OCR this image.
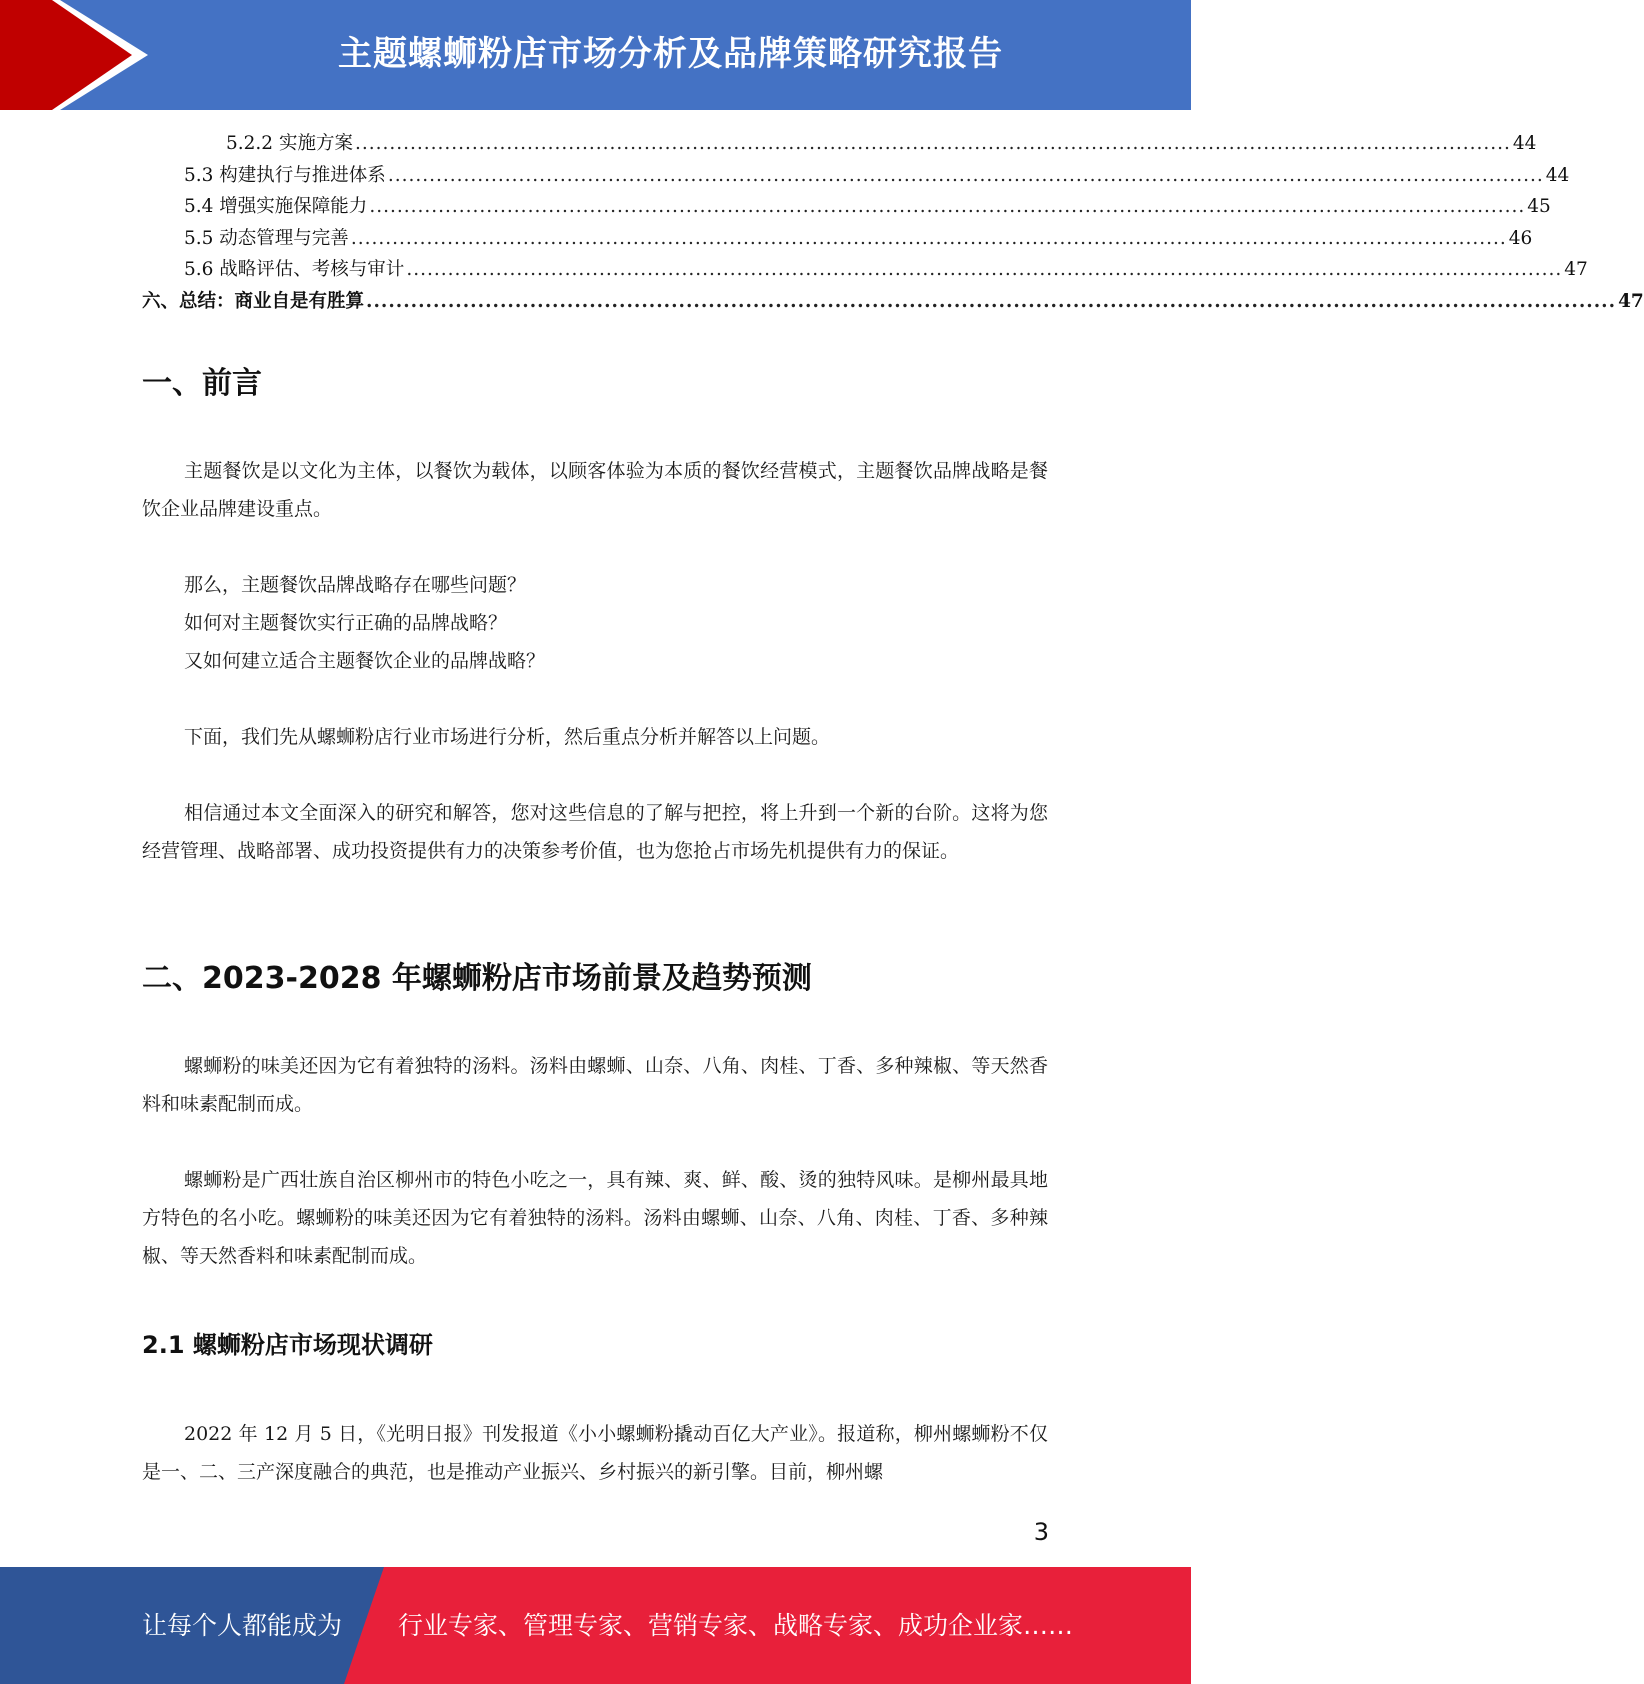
主题螺蛳粉店市场分析及品牌策略研究报告
5.2.2 实施方案 ........................................................................................................................................................................ 44
5.3 构建执行与推进体系 ........................................................................................................................................................................ 44
5.4 增强实施保障能力 ........................................................................................................................................................................ 45
5.5 动态管理与完善 ........................................................................................................................................................................ 46
5.6 战略评估、考核与审计 ........................................................................................................................................................................ 47
六、总结：商业自是有胜算 ........................................................................................................................................................................ 47
一、前言

主题餐饮是以文化为主体，以餐饮为载体，以顾客体验为本质的餐饮经营模式，主题餐饮品牌战略是餐饮企业品牌建设重点。

那么，主题餐饮品牌战略存在哪些问题？
如何对主题餐饮实行正确的品牌战略？
又如何建立适合主题餐饮企业的品牌战略？

下面，我们先从螺蛳粉店行业市场进行分析，然后重点分析并解答以上问题。

相信通过本文全面深入的研究和解答，您对这些信息的了解与把控，将上升到一个新的台阶。这将为您经营管理、战略部署、成功投资提供有力的决策参考价值，也为您抢占市场先机提供有力的保证。

二、2023-2028 年螺蛳粉店市场前景及趋势预测

螺蛳粉的味美还因为它有着独特的汤料。汤料由螺蛳、山奈、八角、肉桂、丁香、多种辣椒、等天然香料和味素配制而成。

螺蛳粉是广西壮族自治区柳州市的特色小吃之一，具有辣、爽、鲜、酸、烫的独特风味。是柳州最具地方特色的名小吃。螺蛳粉的味美还因为它有着独特的汤料。汤料由螺蛳、山奈、八角、肉桂、丁香、多种辣椒、等天然香料和味素配制而成。

2.1 螺蛳粉店市场现状调研

2022 年 12 月 5 日，《光明日报》刊发报道《小小螺蛳粉撬动百亿大产业》。报道称，柳州螺蛳粉不仅是一、二、三产深度融合的典范，也是推动产业振兴、乡村振兴的新引擎。目前，柳州螺

3
让每个人都能成为 行业专家、管理专家、营销专家、战略专家、成功企业家……
